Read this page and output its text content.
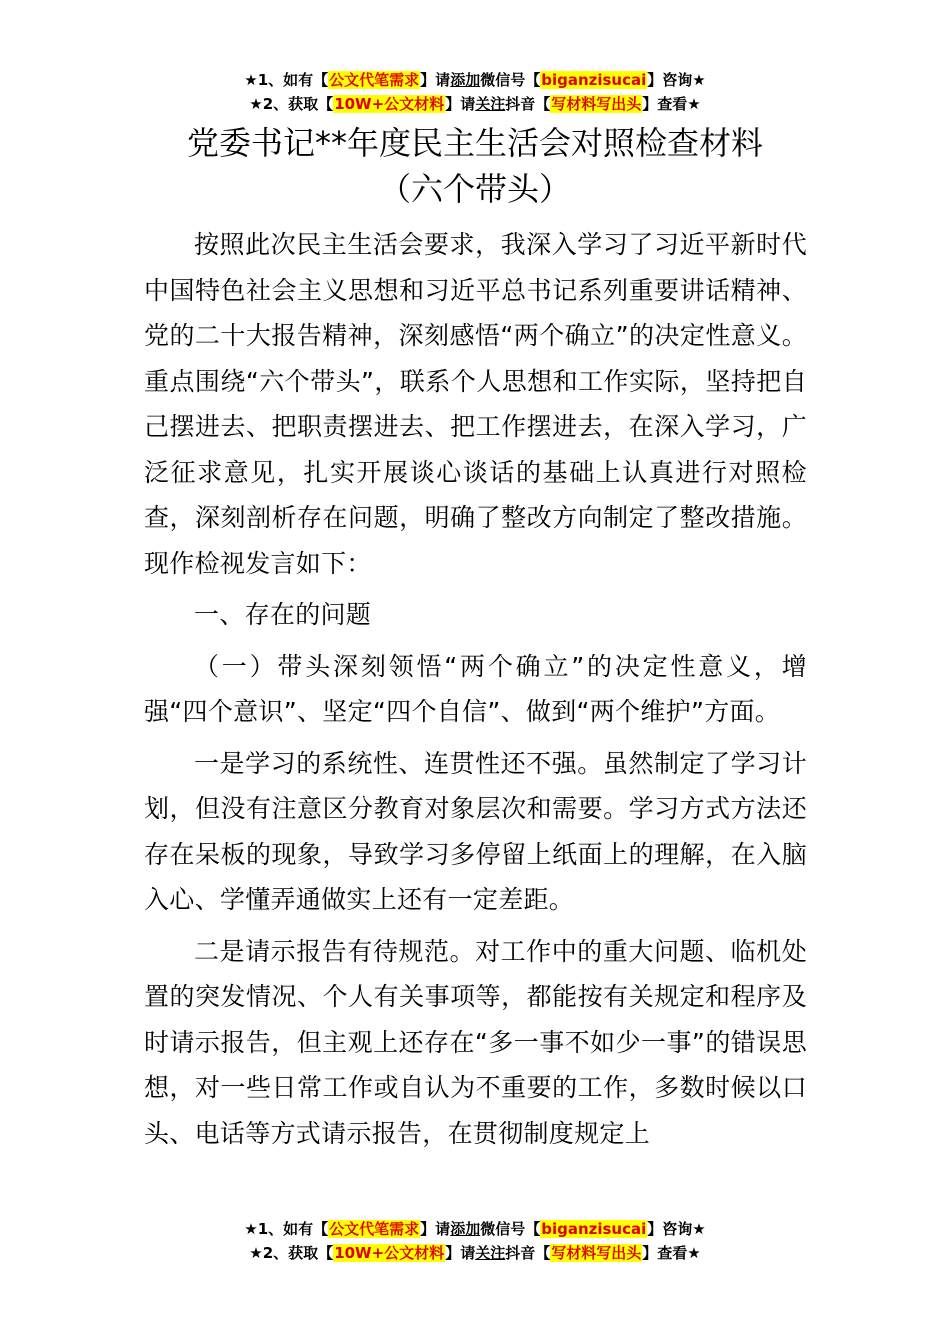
★1、如有【公文代笔需求】请添加微信号【biganzisucai】咨询★
★2、获取【10W+公文材料】请关注抖音【写材料写出头】查看★
党委书记**年度民主生活会对照检查材料
（六个带头）

按照此次民主生活会要求，我深入学习了习近平新时代中国特色社会主义思想和习近平总书记系列重要讲话精神、党的二十大报告精神，深刻感悟“两个确立”的决定性意义。重点围绕“六个带头”，联系个人思想和工作实际，坚持把自己摆进去、把职责摆进去、把工作摆进去，在深入学习，广泛征求意见，扎实开展谈心谈话的基础上认真进行对照检查，深刻剖析存在问题，明确了整改方向制定了整改措施。现作检视发言如下：

一、存在的问题

（一）带头深刻领悟“两个确立”的决定性意义，增强“四个意识”、坚定“四个自信”、做到“两个维护”方面。

一是学习的系统性、连贯性还不强。虽然制定了学习计划，但没有注意区分教育对象层次和需要。学习方式方法还存在呆板的现象，导致学习多停留上纸面上的理解，在入脑入心、学懂弄通做实上还有一定差距。

二是请示报告有待规范。对工作中的重大问题、临机处置的突发情况、个人有关事项等，都能按有关规定和程序及时请示报告，但主观上还存在“多一事不如少一事”的错误思想，对一些日常工作或自认为不重要的工作，多数时候以口头、电话等方式请示报告，在贯彻制度规定上

★1、如有【公文代笔需求】请添加微信号【biganzisucai】咨询★
★2、获取【10W+公文材料】请关注抖音【写材料写出头】查看★
